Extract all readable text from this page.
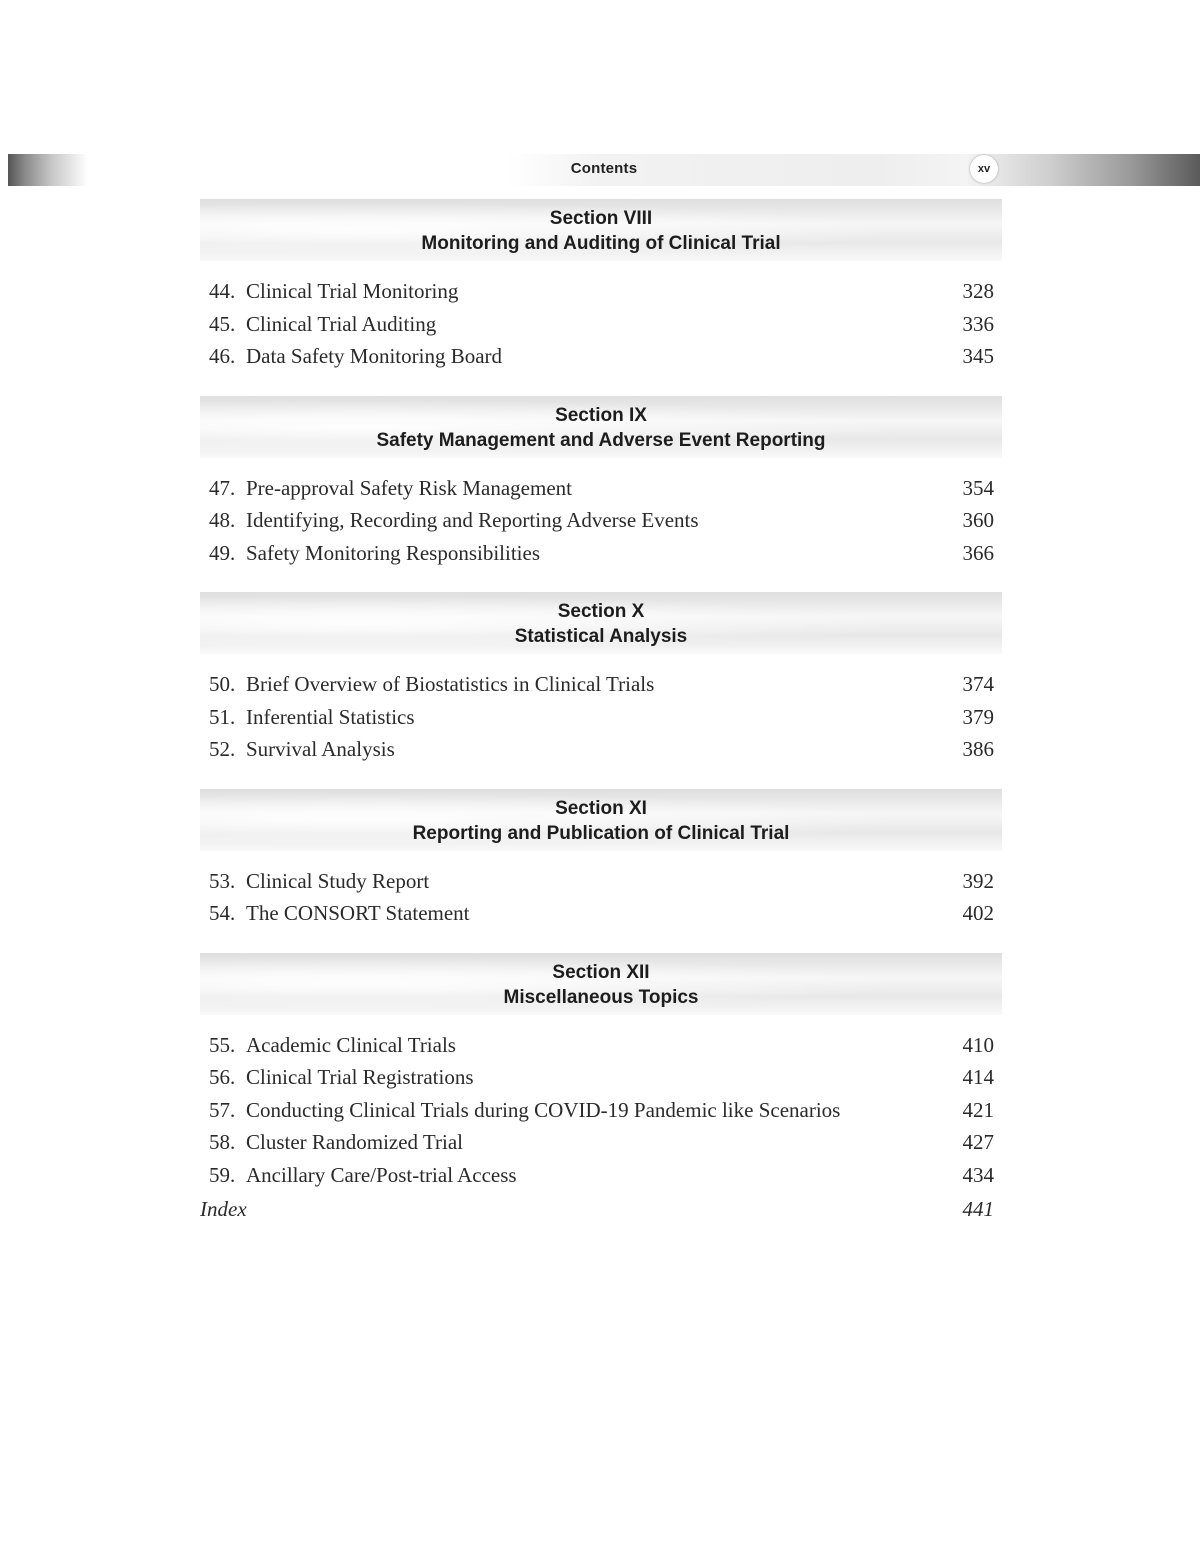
Contents	xv
Section VIII
Monitoring and Auditing of Clinical Trial
44. Clinical Trial Monitoring	328
45. Clinical Trial Auditing	336
46. Data Safety Monitoring Board	345
Section IX
Safety Management and Adverse Event Reporting
47. Pre-approval Safety Risk Management	354
48. Identifying, Recording and Reporting Adverse Events	360
49. Safety Monitoring Responsibilities	366
Section X
Statistical Analysis
50. Brief Overview of Biostatistics in Clinical Trials	374
51. Inferential Statistics	379
52. Survival Analysis	386
Section XI
Reporting and Publication of Clinical Trial
53. Clinical Study Report	392
54. The CONSORT Statement	402
Section XII
Miscellaneous Topics
55. Academic Clinical Trials	410
56. Clinical Trial Registrations	414
57. Conducting Clinical Trials during COVID-19 Pandemic like Scenarios	421
58. Cluster Randomized Trial	427
59. Ancillary Care/Post-trial Access	434
Index	441
